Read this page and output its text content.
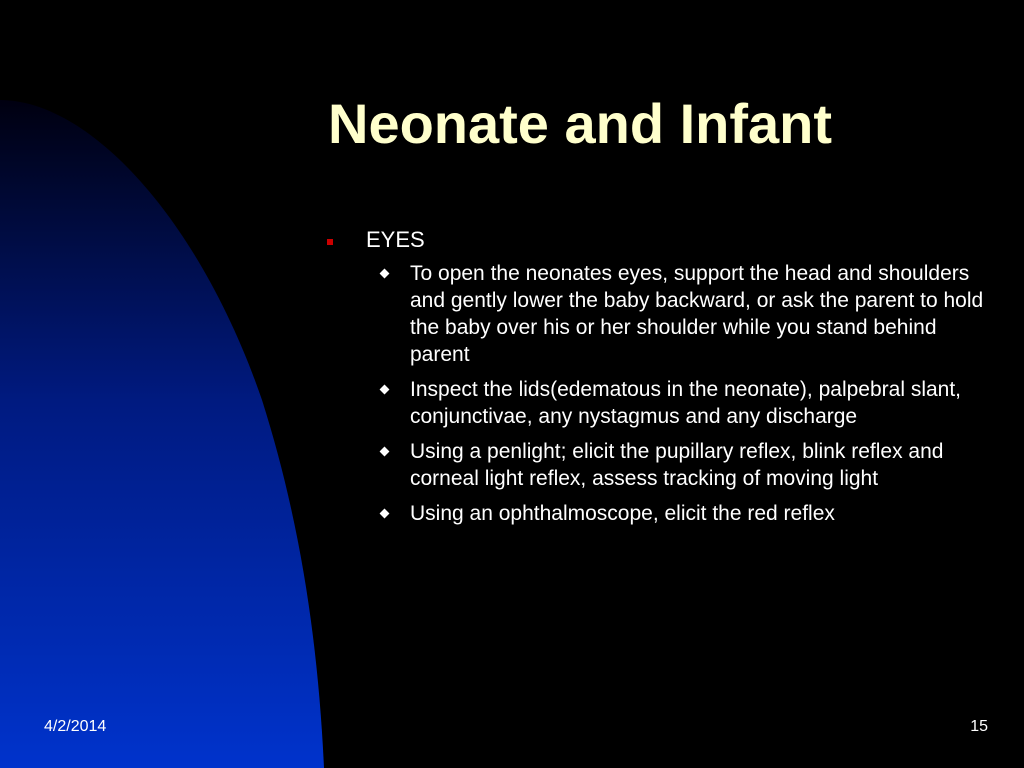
Neonate and Infant
EYES
To open the neonates eyes, support the head and shoulders and gently lower the baby backward, or ask the parent to hold the baby over his or her shoulder while you stand behind parent
Inspect the lids(edematous in the neonate), palpebral slant, conjunctivae, any nystagmus and any discharge
Using a penlight; elicit the pupillary reflex, blink reflex and corneal light reflex, assess tracking of moving light
Using an ophthalmoscope, elicit the red reflex
4/2/2014	15
